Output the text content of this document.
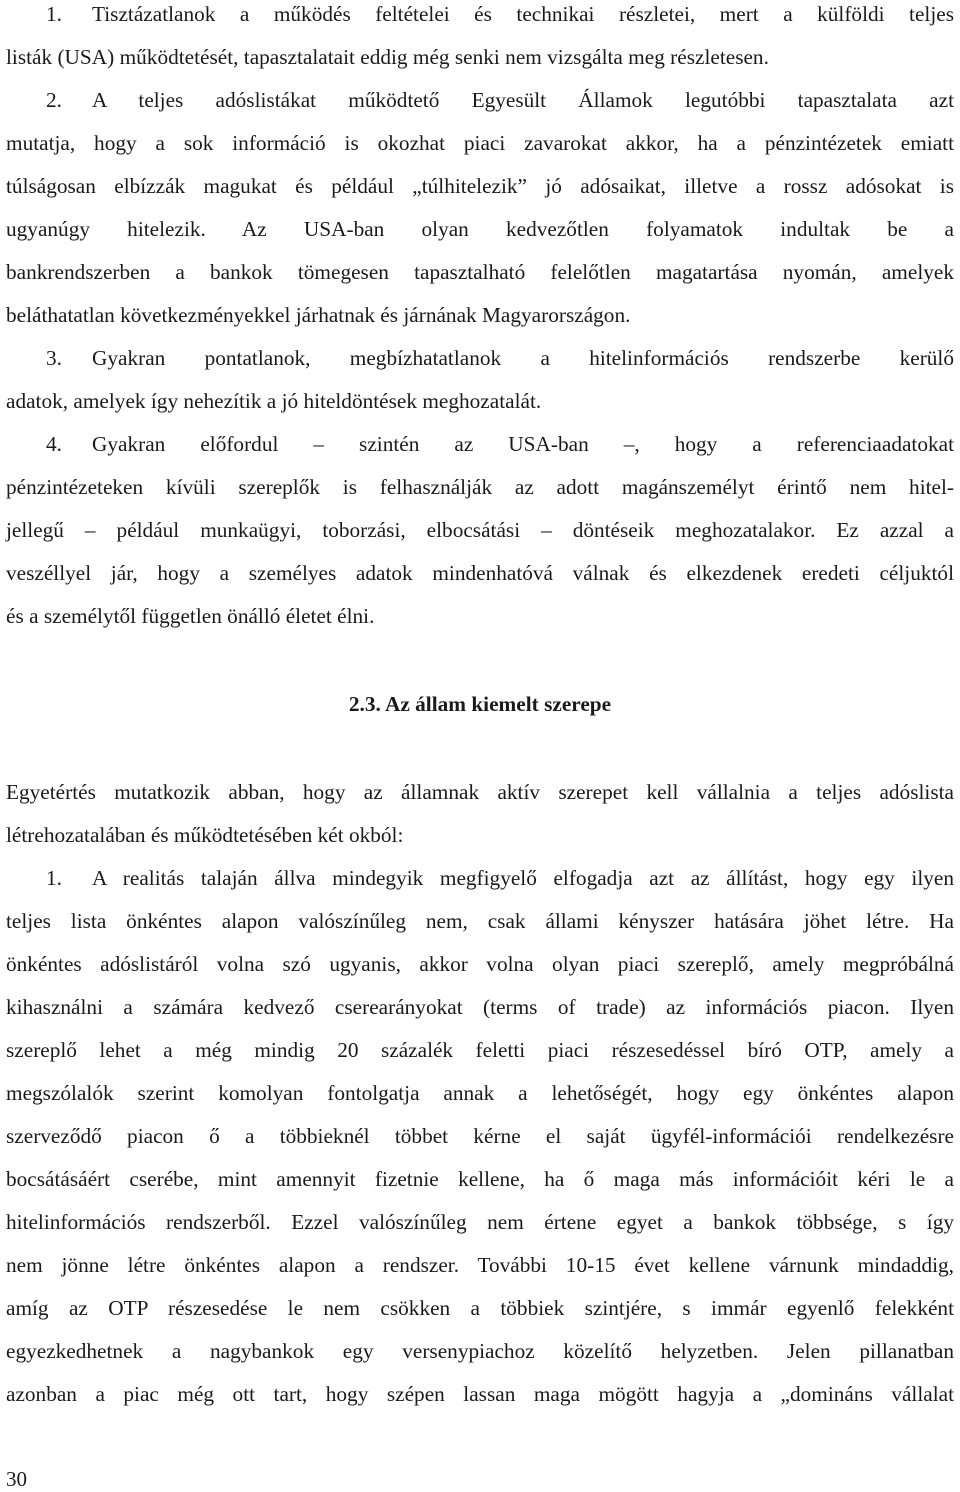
1. Tisztázatlanok a működés feltételei és technikai részletei, mert a külföldi teljes
listák (USA) működtetését, tapasztalatait eddig még senki nem vizsgálta meg részletesen.
2. A teljes adóslistákat működtető Egyesült Államok legutóbbi tapasztalata azt
mutatja, hogy a sok információ is okozhat piaci zavarokat akkor, ha a pénzintézetek emiatt
túlságosan elbízzák magukat és például „túlhitelezik” jó adósaikat, illetve a rossz adósokat is
ugyanúgy hitelezik. Az USA-ban olyan kedvezőtlen folyamatok indultak be a
bankrendszerben a bankok tömegesen tapasztalható felelőtlen magatartása nyomán, amelyek
beláthatatlan következményekkel járhatnak és járnának Magyarországon.
3. Gyakran pontatlanok, megbízhatatlanok a hitelinformációs rendszerbe kerülő
adatok, amelyek így nehezítik a jó hiteldöntések meghozatalát.
4. Gyakran előfordul – szintén az USA-ban –, hogy a referenciaadatokat
pénzintézeteken kívüli szereplők is felhasználják az adott magánszemélyt érintő nem hitel-
jellegű – például munkaügyi, toborzási, elbocsátási – döntéseik meghozatalakor. Ez azzal a
veszéllyel jár, hogy a személyes adatok mindenhatóvá válnak és elkezdenek eredeti céljuktól
és a személytől független önálló életet élni.
2.3. Az állam kiemelt szerepe
Egyetértés mutatkozik abban, hogy az államnak aktív szerepet kell vállalnia a teljes adóslista
létrehozatalában és működtetésében két okból:
1. A realitás talaján állva mindegyik megfigyelő elfogadja azt az állítást, hogy egy ilyen
teljes lista önkéntes alapon valószínűleg nem, csak állami kényszer hatására jöhet létre. Ha
önkéntes adóslistáról volna szó ugyanis, akkor volna olyan piaci szereplő, amely megpróbálná
kihasználni a számára kedvező cserearányokat (terms of trade) az információs piacon. Ilyen
szereplő lehet a még mindig 20 százalék feletti piaci részesedéssel bíró OTP, amely a
megszólalók szerint komolyan fontolgatja annak a lehetőségét, hogy egy önkéntes alapon
szerveződő piacon ő a többieknél többet kérne el saját ügyfél-információi rendelkezésre
bocsátásáért cserébe, mint amennyit fizetnie kellene, ha ő maga más információit kéri le a
hitelinformációs rendszerből. Ezzel valószínűleg nem értene egyet a bankok többsége, s így
nem jönne létre önkéntes alapon a rendszer. További 10-15 évet kellene várnunk mindaddig,
amíg az OTP részesedése le nem csökken a többiek szintjére, s immár egyenlő felekként
egyezkedhetnek a nagybankok egy versenypiachoz közelítő helyzetben. Jelen pillanatban
azonban a piac még ott tart, hogy szépen lassan maga mögött hagyja a „domináns vállalat
30
